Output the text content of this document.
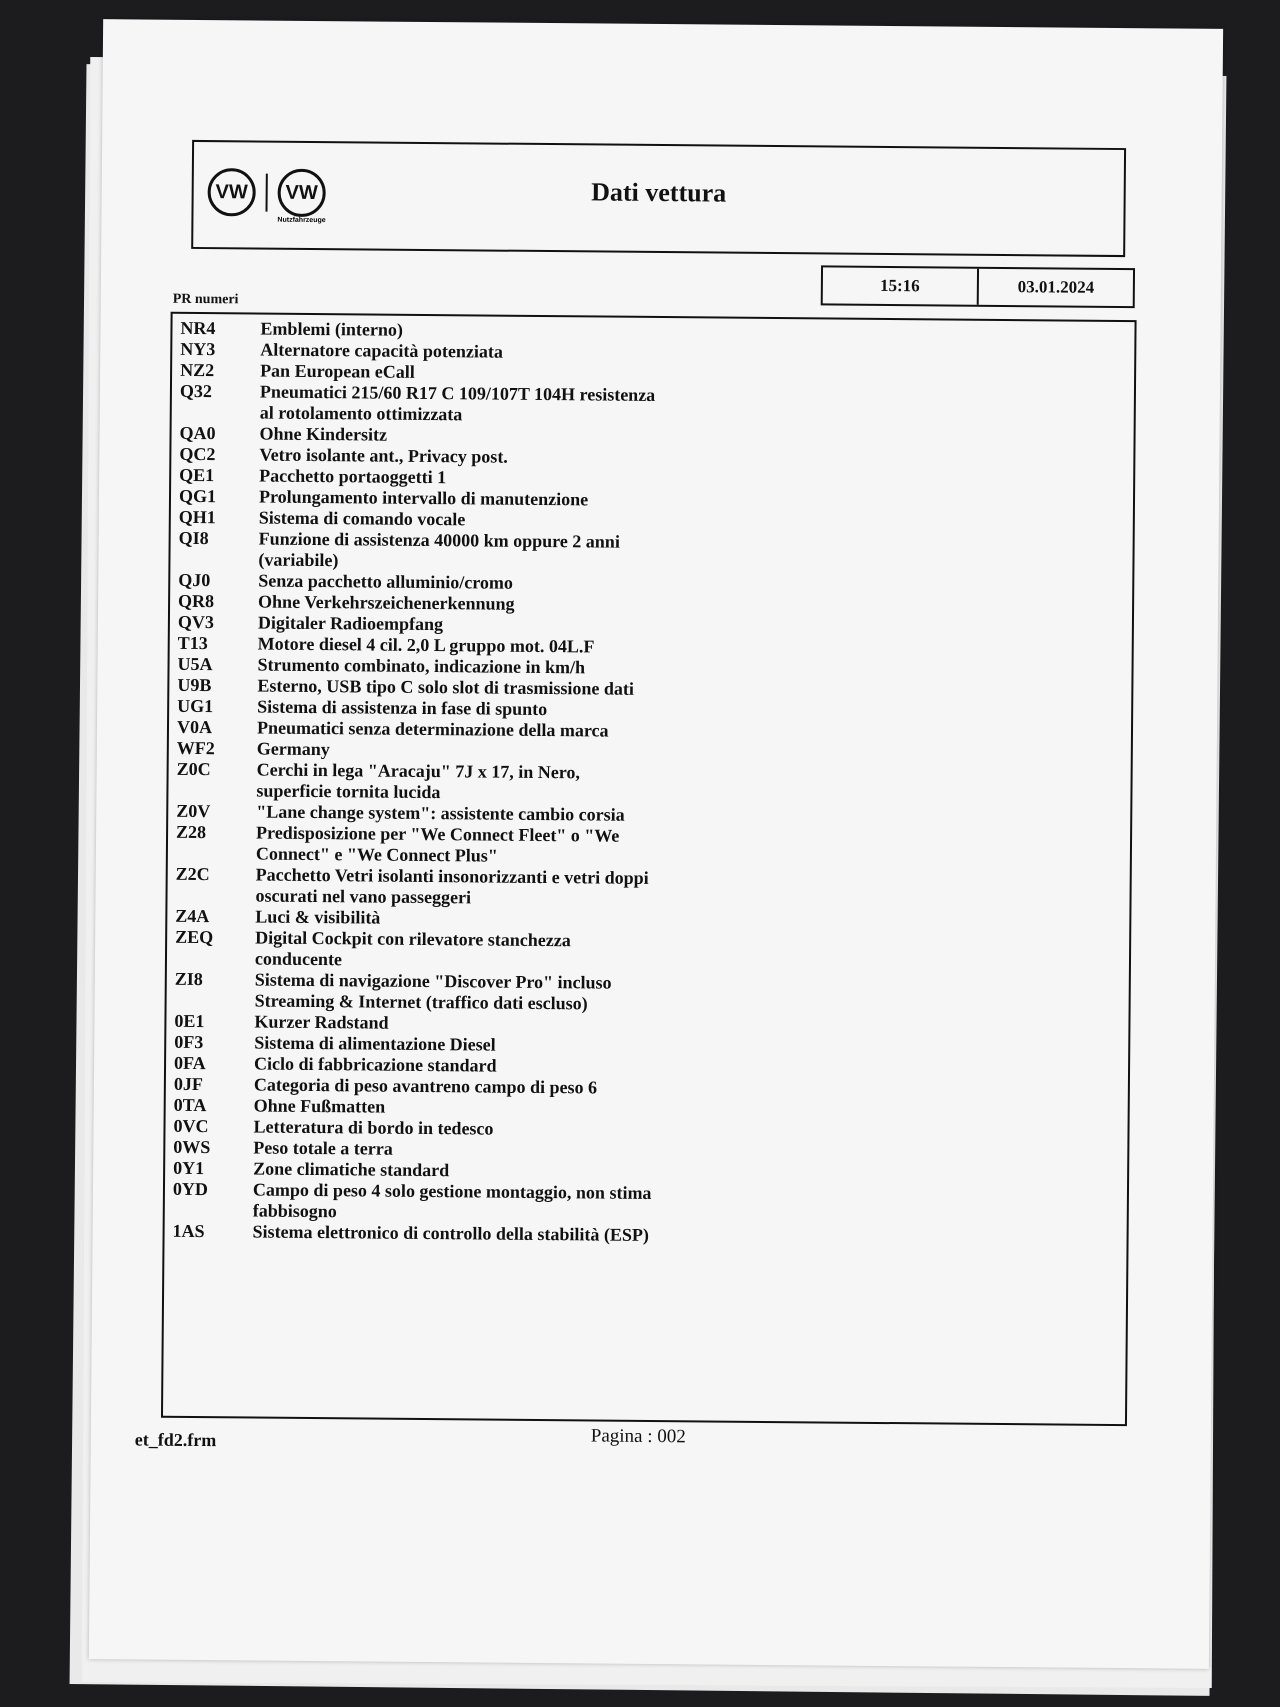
VW	VW
Nutzfahrzeuge
Dati vettura
15:16	03.01.2024
PR numeri
NR4	Emblemi (interno)
NY3	Alternatore capacità potenziata
NZ2	Pan European eCall
Q32	Pneumatici 215/60 R17 C 109/107T 104H resistenza al rotolamento ottimizzata
QA0	Ohne Kindersitz
QC2	Vetro isolante ant., Privacy post.
QE1	Pacchetto portaoggetti 1
QG1	Prolungamento intervallo di manutenzione
QH1	Sistema di comando vocale
QI8	Funzione di assistenza 40000 km oppure 2 anni (variabile)
QJ0	Senza pacchetto alluminio/cromo
QR8	Ohne Verkehrszeichenerkennung
QV3	Digitaler Radioempfang
T13	Motore diesel 4 cil. 2,0 L gruppo mot. 04L.F
U5A	Strumento combinato, indicazione in km/h
U9B	Esterno, USB tipo C solo slot di trasmissione dati
UG1	Sistema di assistenza in fase di spunto
V0A	Pneumatici senza determinazione della marca
WF2	Germany
Z0C	Cerchi in lega "Aracaju" 7J x 17, in Nero, superficie tornita lucida
Z0V	"Lane change system": assistente cambio corsia
Z28	Predisposizione per "We Connect Fleet" o "We Connect" e "We Connect Plus"
Z2C	Pacchetto Vetri isolanti insonorizzanti e vetri doppi oscurati nel vano passeggeri
Z4A	Luci & visibilità
ZEQ	Digital Cockpit con rilevatore stanchezza conducente
ZI8	Sistema di navigazione "Discover Pro" incluso Streaming & Internet (traffico dati escluso)
0E1	Kurzer Radstand
0F3	Sistema di alimentazione Diesel
0FA	Ciclo di fabbricazione standard
0JF	Categoria di peso avantreno campo di peso 6
0TA	Ohne Fußmatten
0VC	Letteratura di bordo in tedesco
0WS	Peso totale a terra
0Y1	Zone climatiche standard
0YD	Campo di peso 4 solo gestione montaggio, non stima fabbisogno
1AS	Sistema elettronico di controllo della stabilità (ESP)
et_fd2.frm	Pagina : 002
